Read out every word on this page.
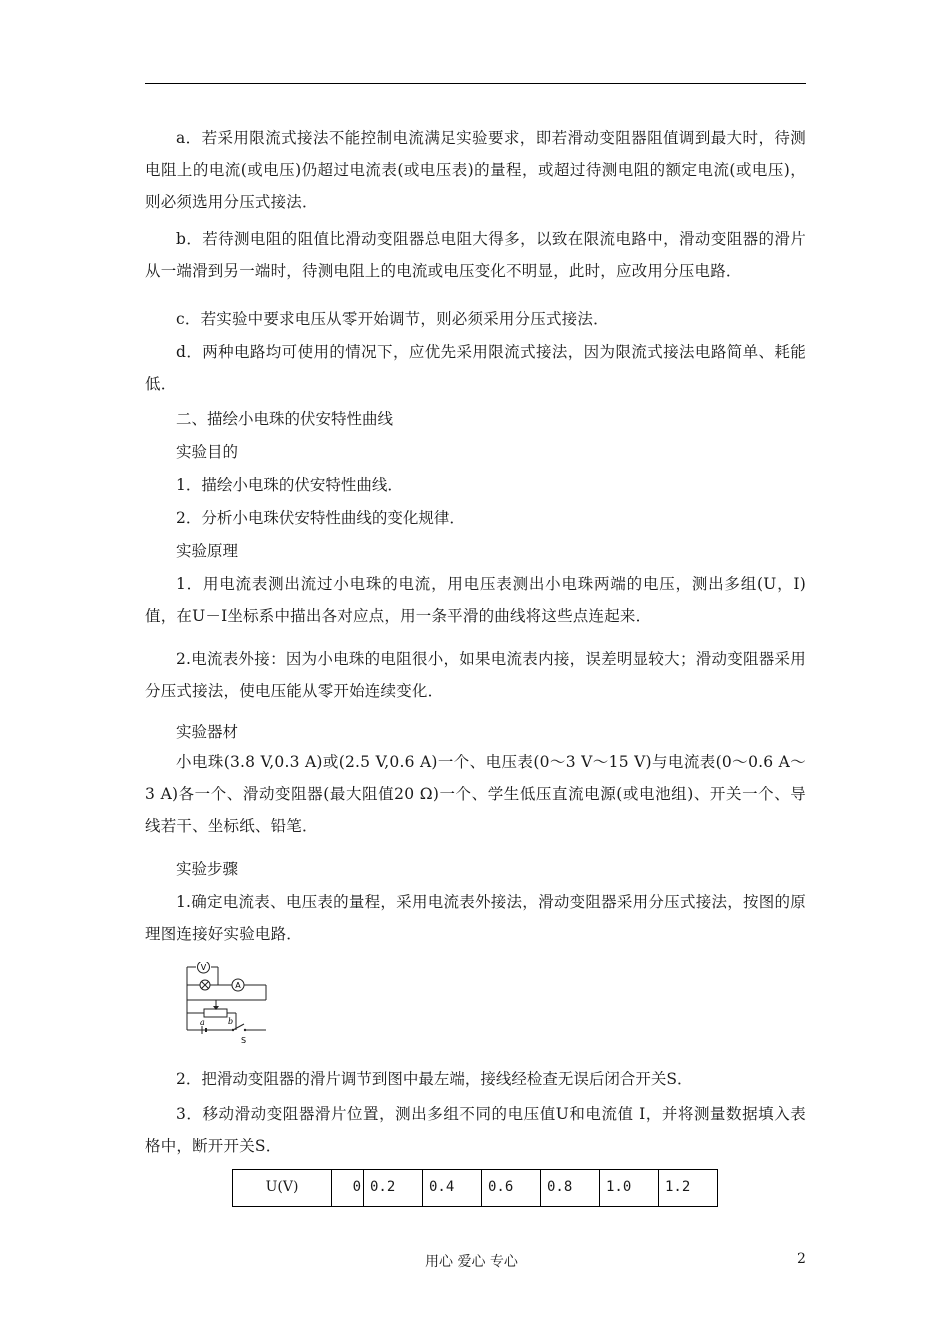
a．若采用限流式接法不能控制电流满足实验要求，即若滑动变阻器阻值调到最大时，待测电阻上的电流(或电压)仍超过电流表(或电压表)的量程，或超过待测电阻的额定电流(或电压)，则必须选用分压式接法．

b．若待测电阻的阻值比滑动变阻器总电阻大得多，以致在限流电路中，滑动变阻器的滑片从一端滑到另一端时，待测电阻上的电流或电压变化不明显，此时，应改用分压电路．

c．若实验中要求电压从零开始调节，则必须采用分压式接法．

d．两种电路均可使用的情况下，应优先采用限流式接法，因为限流式接法电路简单、耗能低．

二、描绘小电珠的伏安特性曲线

实验目的

1．描绘小电珠的伏安特性曲线．

2．分析小电珠伏安特性曲线的变化规律．

实验原理

1．用电流表测出流过小电珠的电流，用电压表测出小电珠两端的电压，测出多组(U，I)值，在U－I坐标系中描出各对应点，用一条平滑的曲线将这些点连起来．

2.电流表外接：因为小电珠的电阻很小，如果电流表内接，误差明显较大；滑动变阻器采用分压式接法，使电压能从零开始连续变化．

实验器材

小电珠(3.8 V,0.3 A)或(2.5 V,0.6 A)一个、电压表(0～3 V～15 V)与电流表(0～0.6 A～3 A)各一个、滑动变阻器(最大阻值20 Ω)一个、学生低压直流电源(或电池组)、开关一个、导线若干、坐标纸、铅笔．

实验步骤

1.确定电流表、电压表的量程，采用电流表外接法，滑动变阻器采用分压式接法，按图的原理图连接好实验电路．

V
A
a	b
S

2．把滑动变阻器的滑片调节到图中最左端，接线经检查无误后闭合开关S．

3．移动滑动变阻器滑片位置，测出多组不同的电压值U和电流值 I，并将测量数据填入表格中，断开开关S．

U(V)	0	0.2	0.4	0.6	0.8	1.0	1.2
用心 爱心 专心	2
